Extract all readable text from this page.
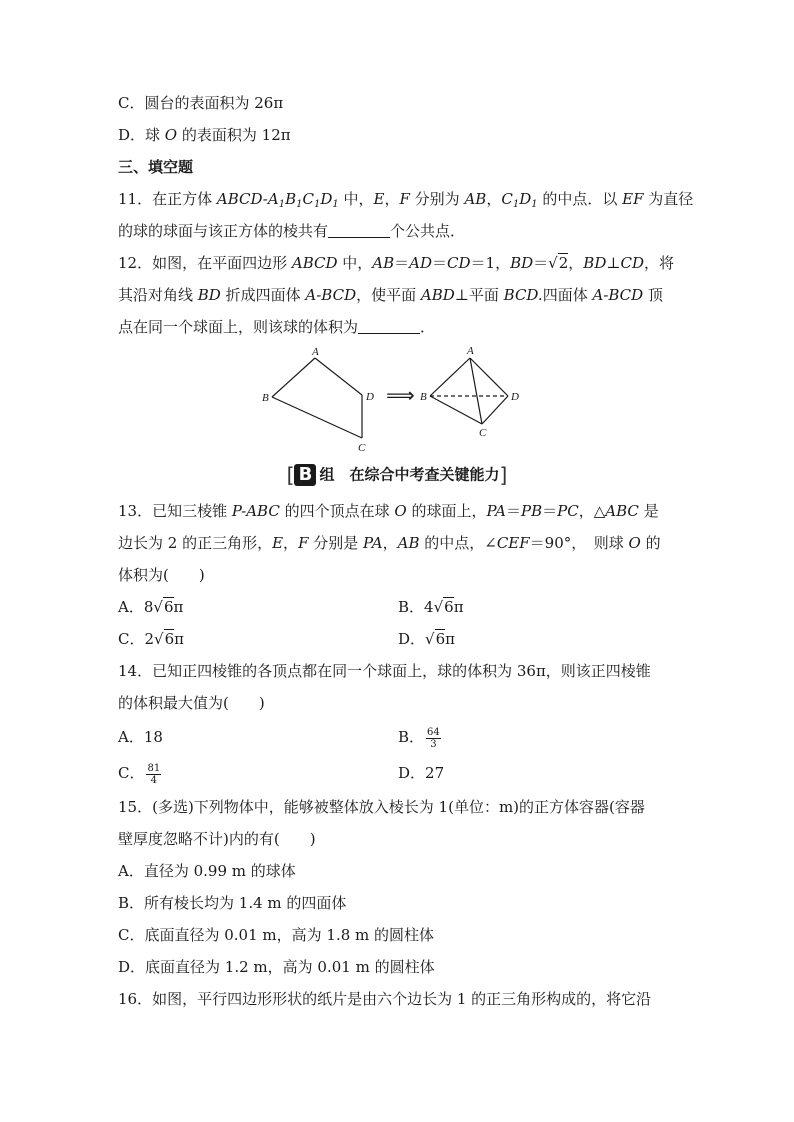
C．圆台的表面积为 26π
D．球 O 的表面积为 12π
三、填空题
11．在正方体 ABCD-$A_1B_1C_1D_1$ 中，E，F 分别为 AB，$C_1D_1$ 的中点．以 EF 为直径
的球的球面与该正方体的棱共有	个公共点．
12．如图，在平面四边形 ABCD 中，AB＝AD＝CD＝1，BD＝√2，BD⊥CD，将
其沿对角线 BD 折成四面体 A-BCD，使平面 ABD⊥平面 BCD.四面体 A-BCD 顶
点在同一个球面上，则该球的体积为	．
A
B	D
C
A
B	D
C
⟹
[ B 组　在综合中考查关键能力]
13．已知三棱锥 P-ABC 的四个顶点在球 O 的球面上，PA＝PB＝PC，△ABC 是
边长为 2 的正三角形，E，F 分别是 PA，AB 的中点，∠CEF＝90°，　则球 O 的
体积为(　　)
A．8√6π	B．4√6π
C．2√6π	D．√6π
14．已知正四棱锥的各顶点都在同一个球面上，球的体积为 36π，则该正四棱锥
的体积最大值为(　　)
A．18	B． $\frac{64}{3}$
C． $\frac{81}{4}$	D．27
15．(多选)下列物体中，能够被整体放入棱长为 1(单位：m)的正方体容器(容器
壁厚度忽略不计)内的有(　　)
A．直径为 0.99 m 的球体
B．所有棱长均为 1.4 m 的四面体
C．底面直径为 0.01 m，高为 1.8 m 的圆柱体
D．底面直径为 1.2 m，高为 0.01 m 的圆柱体
16．如图，平行四边形形状的纸片是由六个边长为 1 的正三角形构成的，将它沿
